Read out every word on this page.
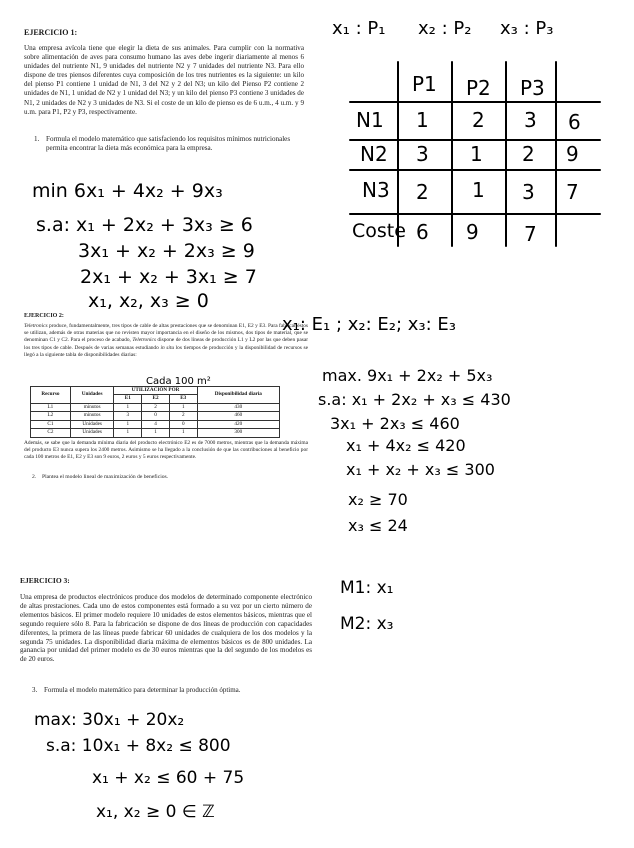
EJERCICIO 1:
Una empresa avícola tiene que elegir la dieta de sus animales. Para cumplir con la normativa sobre alimentación de aves para consumo humano las aves debe ingerir diariamente al menos 6 unidades del nutriente N1, 9 unidades del nutriente N2 y 7 unidades del nutriente N3. Para ello dispone de tres piensos diferentes cuya composición de los tres nutrientes es la siguiente: un kilo del pienso P1 contiene 1 unidad de N1, 3 del N2 y 2 del N3; un kilo del Pienso P2 contiene 2 unidades de N1, 1 unidad de N2 y 1 unidad del N3; y un kilo del pienso P3 contiene 3 unidades de N1, 2 unidades de N2 y 3 unidades de N3. Si el coste de un kilo de pienso es de 6 u.m., 4 u.m. y 9 u.m. para P1, P2 y P3, respectivamente.
1. Formula el modelo matemático que satisfaciendo los requisitos mínimos nutricionales permita encontrar la dieta más económica para la empresa.
x₁ : P₁ x₂ : P₂ x₃ : P₃
P1 P2 P3
N1 1 2 3 6
N2 3 1 2 9
N3 2 1 3 7
Coste 6 9 7
min 6x₁ + 4x₂ + 9x₃
s.a: x₁ + 2x₂ + 3x₃ ≥ 6
3x₁ + x₂ + 2x₃ ≥ 9
2x₁ + x₂ + 3x₁ ≥ 7
x₁, x₂, x₃ ≥ 0
EJERCICIO 2:
Teletronics produce, fundamentalmente, tres tipos de cable de altas prestaciones que se denominan E1, E2 y E3. Para fabricar éstos se utilizan, además de otras materias que no revisten mayor importancia en el diseño de los mismos, dos tipos de material, que se denominan C1 y C2. Para el proceso de acabado, Teletronics dispone de dos líneas de producción L1 y L2 por las que deben pasar los tres tipos de cable. Después de varias semanas estudiando in situ los tiempos de producción y la disponibilidad de recursos se llegó a la siguiente tabla de disponibilidades diarias:
Cada 100 m²
Recurso	Unidades	UTILIZACIÓN POR			Disponibilidad diaria
		E1	E2	E3	
L1	minutos	1	2	1	430
L2	minutos	3	0	2	460
C1	Unidades	1	4	0	420
C2	Unidades	1	1	1	300
Además, se sabe que la demanda mínima diaria del producto electrónico E2 es de 7000 metros, mientras que la demanda máxima del producto E3 nunca supera los 2400 metros. Asimismo se ha llegado a la conclusión de que las contribuciones al beneficio por cada 100 metros de E1, E2 y E3 son 9 euros, 2 euros y 5 euros respectivamente.
2. Plantea el modelo lineal de maximización de beneficios.
x₁: E₁ ; x₂: E₂; x₃: E₃
max. 9x₁ + 2x₂ + 5x₃
s.a: x₁ + 2x₂ + x₃ ≤ 430
3x₁ + 2x₃ ≤ 460
x₁ + 4x₂ ≤ 420
x₁ + x₂ + x₃ ≤ 300
x₂ ≥ 70
x₃ ≤ 24
EJERCICIO 3:
Una empresa de productos electrónicos produce dos modelos de determinado componente electrónico de altas prestaciones. Cada uno de estos componentes está formado a su vez por un cierto número de elementos básicos. El primer modelo requiere 10 unidades de estos elementos básicos, mientras que el segundo requiere sólo 8. Para la fabricación se dispone de dos líneas de producción con capacidades diferentes, la primera de las líneas puede fabricar 60 unidades de cualquiera de los dos modelos y la segunda 75 unidades. La disponibilidad diaria máxima de elementos básicos es de 800 unidades. La ganancia por unidad del primer modelo es de 30 euros mientras que la del segundo de los modelos es de 20 euros.
3. Formula el modelo matemático para determinar la producción óptima.
M1: x₁
M2: x₃
max: 30x₁ + 20x₂
s.a: 10x₁ + 8x₂ ≤ 800
x₁ + x₂ ≤ 60 + 75
x₁, x₂ ≥ 0 ∈ ℤ
